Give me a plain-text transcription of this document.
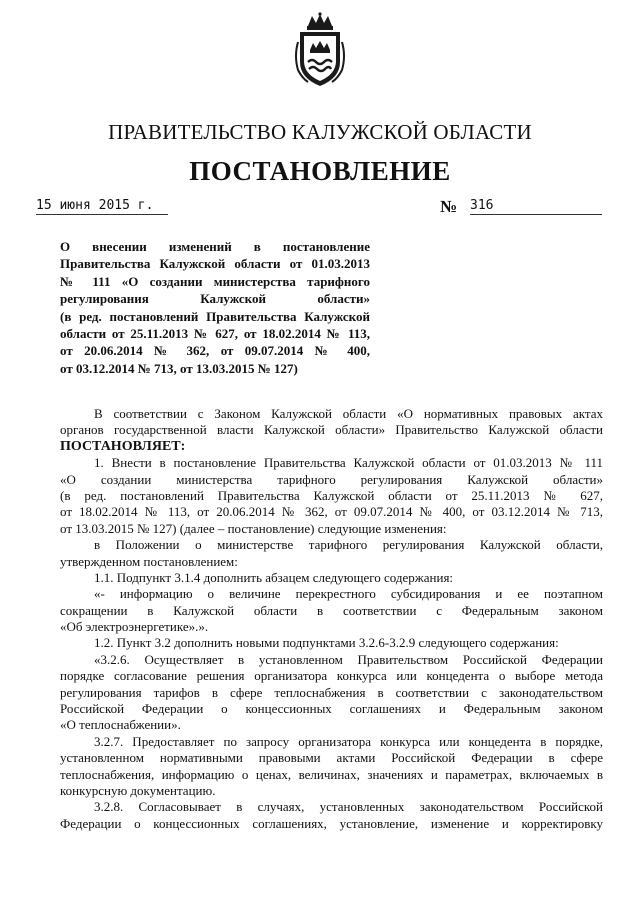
ПРАВИТЕЛЬСТВО КАЛУЖСКОЙ ОБЛАСТИ
ПОСТАНОВЛЕНИЕ
15 июня 2015 г.	№ 316
О внесении изменений в постановление
Правительства Калужской области от 01.03.2013
№ 111 «О создании министерства тарифного
регулирования Калужской области»
(в ред. постановлений Правительства Калужской
области от 25.11.2013 № 627, от 18.02.2014 № 113,
от 20.06.2014 № 362, от 09.07.2014 № 400,
от 03.12.2014 № 713, от 13.03.2015 № 127)
В соответствии с Законом Калужской области «О нормативных правовых актах
органов государственной власти Калужской области» Правительство Калужской области
ПОСТАНОВЛЯЕТ:
1. Внести в постановление Правительства Калужской области от 01.03.2013 № 111
«О создании министерства тарифного регулирования Калужской области»
(в ред. постановлений Правительства Калужской области от 25.11.2013 № 627,
от 18.02.2014 № 113, от 20.06.2014 № 362, от 09.07.2014 № 400, от 03.12.2014 № 713,
от 13.03.2015 № 127) (далее – постановление) следующие изменения:
в Положении о министерстве тарифного регулирования Калужской области,
утвержденном постановлением:
1.1. Подпункт 3.1.4 дополнить абзацем следующего содержания:
«- информацию о величине перекрестного субсидирования и ее поэтапном
сокращении в Калужской области в соответствии с Федеральным законом
«Об электроэнергетике».».
1.2. Пункт 3.2 дополнить новыми подпунктами 3.2.6-3.2.9 следующего содержания:
«3.2.6. Осуществляет в установленном Правительством Российской Федерации
порядке согласование решения организатора конкурса или концедента о выборе метода
регулирования тарифов в сфере теплоснабжения в соответствии с законодательством
Российской Федерации о концессионных соглашениях и Федеральным законом
«О теплоснабжении».
3.2.7. Предоставляет по запросу организатора конкурса или концедента в порядке,
установленном нормативными правовыми актами Российской Федерации в сфере
теплоснабжения, информацию о ценах, величинах, значениях и параметрах, включаемых в
конкурсную документацию.
3.2.8. Согласовывает в случаях, установленных законодательством Российской
Федерации о концессионных соглашениях, установление, изменение и корректировку
